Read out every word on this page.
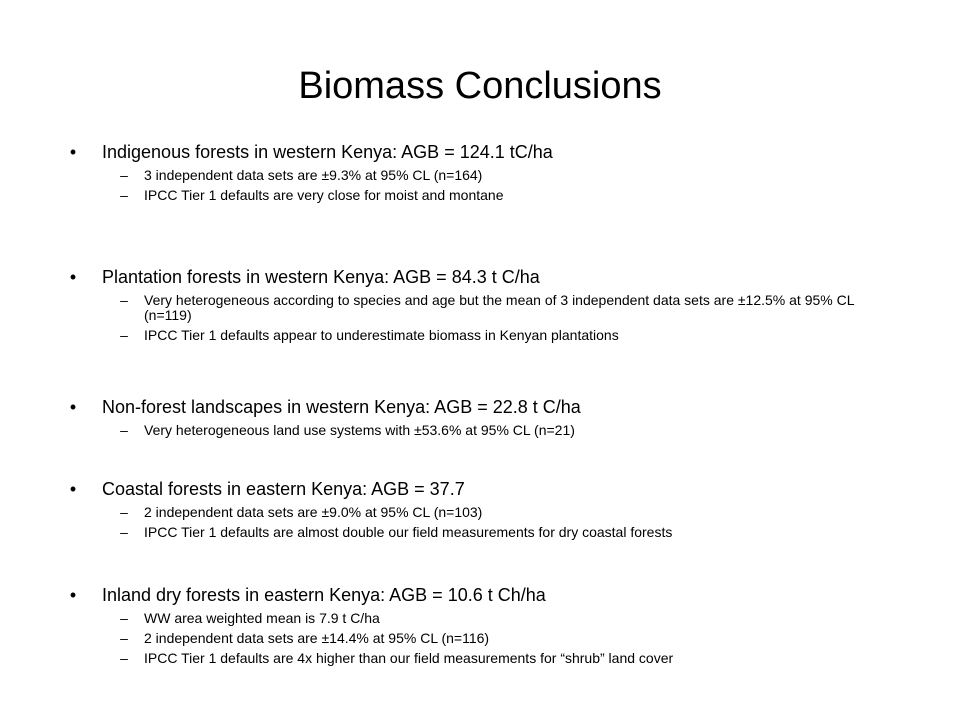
Biomass Conclusions
• Indigenous forests in western Kenya: AGB = 124.1 tC/ha
–	3 independent data sets are ±9.3% at 95% CL (n=164)
–	IPCC Tier 1 defaults are very close for moist and montane
• Plantation forests in western Kenya: AGB = 84.3 t C/ha
–	Very heterogeneous according to species and age but the mean of 3 independent data sets are ±12.5% at 95% CL (n=119)
–	IPCC Tier 1 defaults appear to underestimate biomass in Kenyan plantations
• Non-forest landscapes in western Kenya: AGB = 22.8 t C/ha
–	Very heterogeneous land use systems with ±53.6% at 95% CL (n=21)
• Coastal forests in eastern Kenya: AGB = 37.7
–	2 independent data sets are ±9.0% at 95% CL (n=103)
–	IPCC Tier 1 defaults are almost double our field measurements for dry coastal forests
• Inland dry forests in eastern Kenya: AGB = 10.6 t Ch/ha
–	WW area weighted mean is 7.9 t C/ha
–	2 independent data sets are ±14.4% at 95% CL (n=116)
–	IPCC Tier 1 defaults are 4x higher than our field measurements for “shrub” land cover
